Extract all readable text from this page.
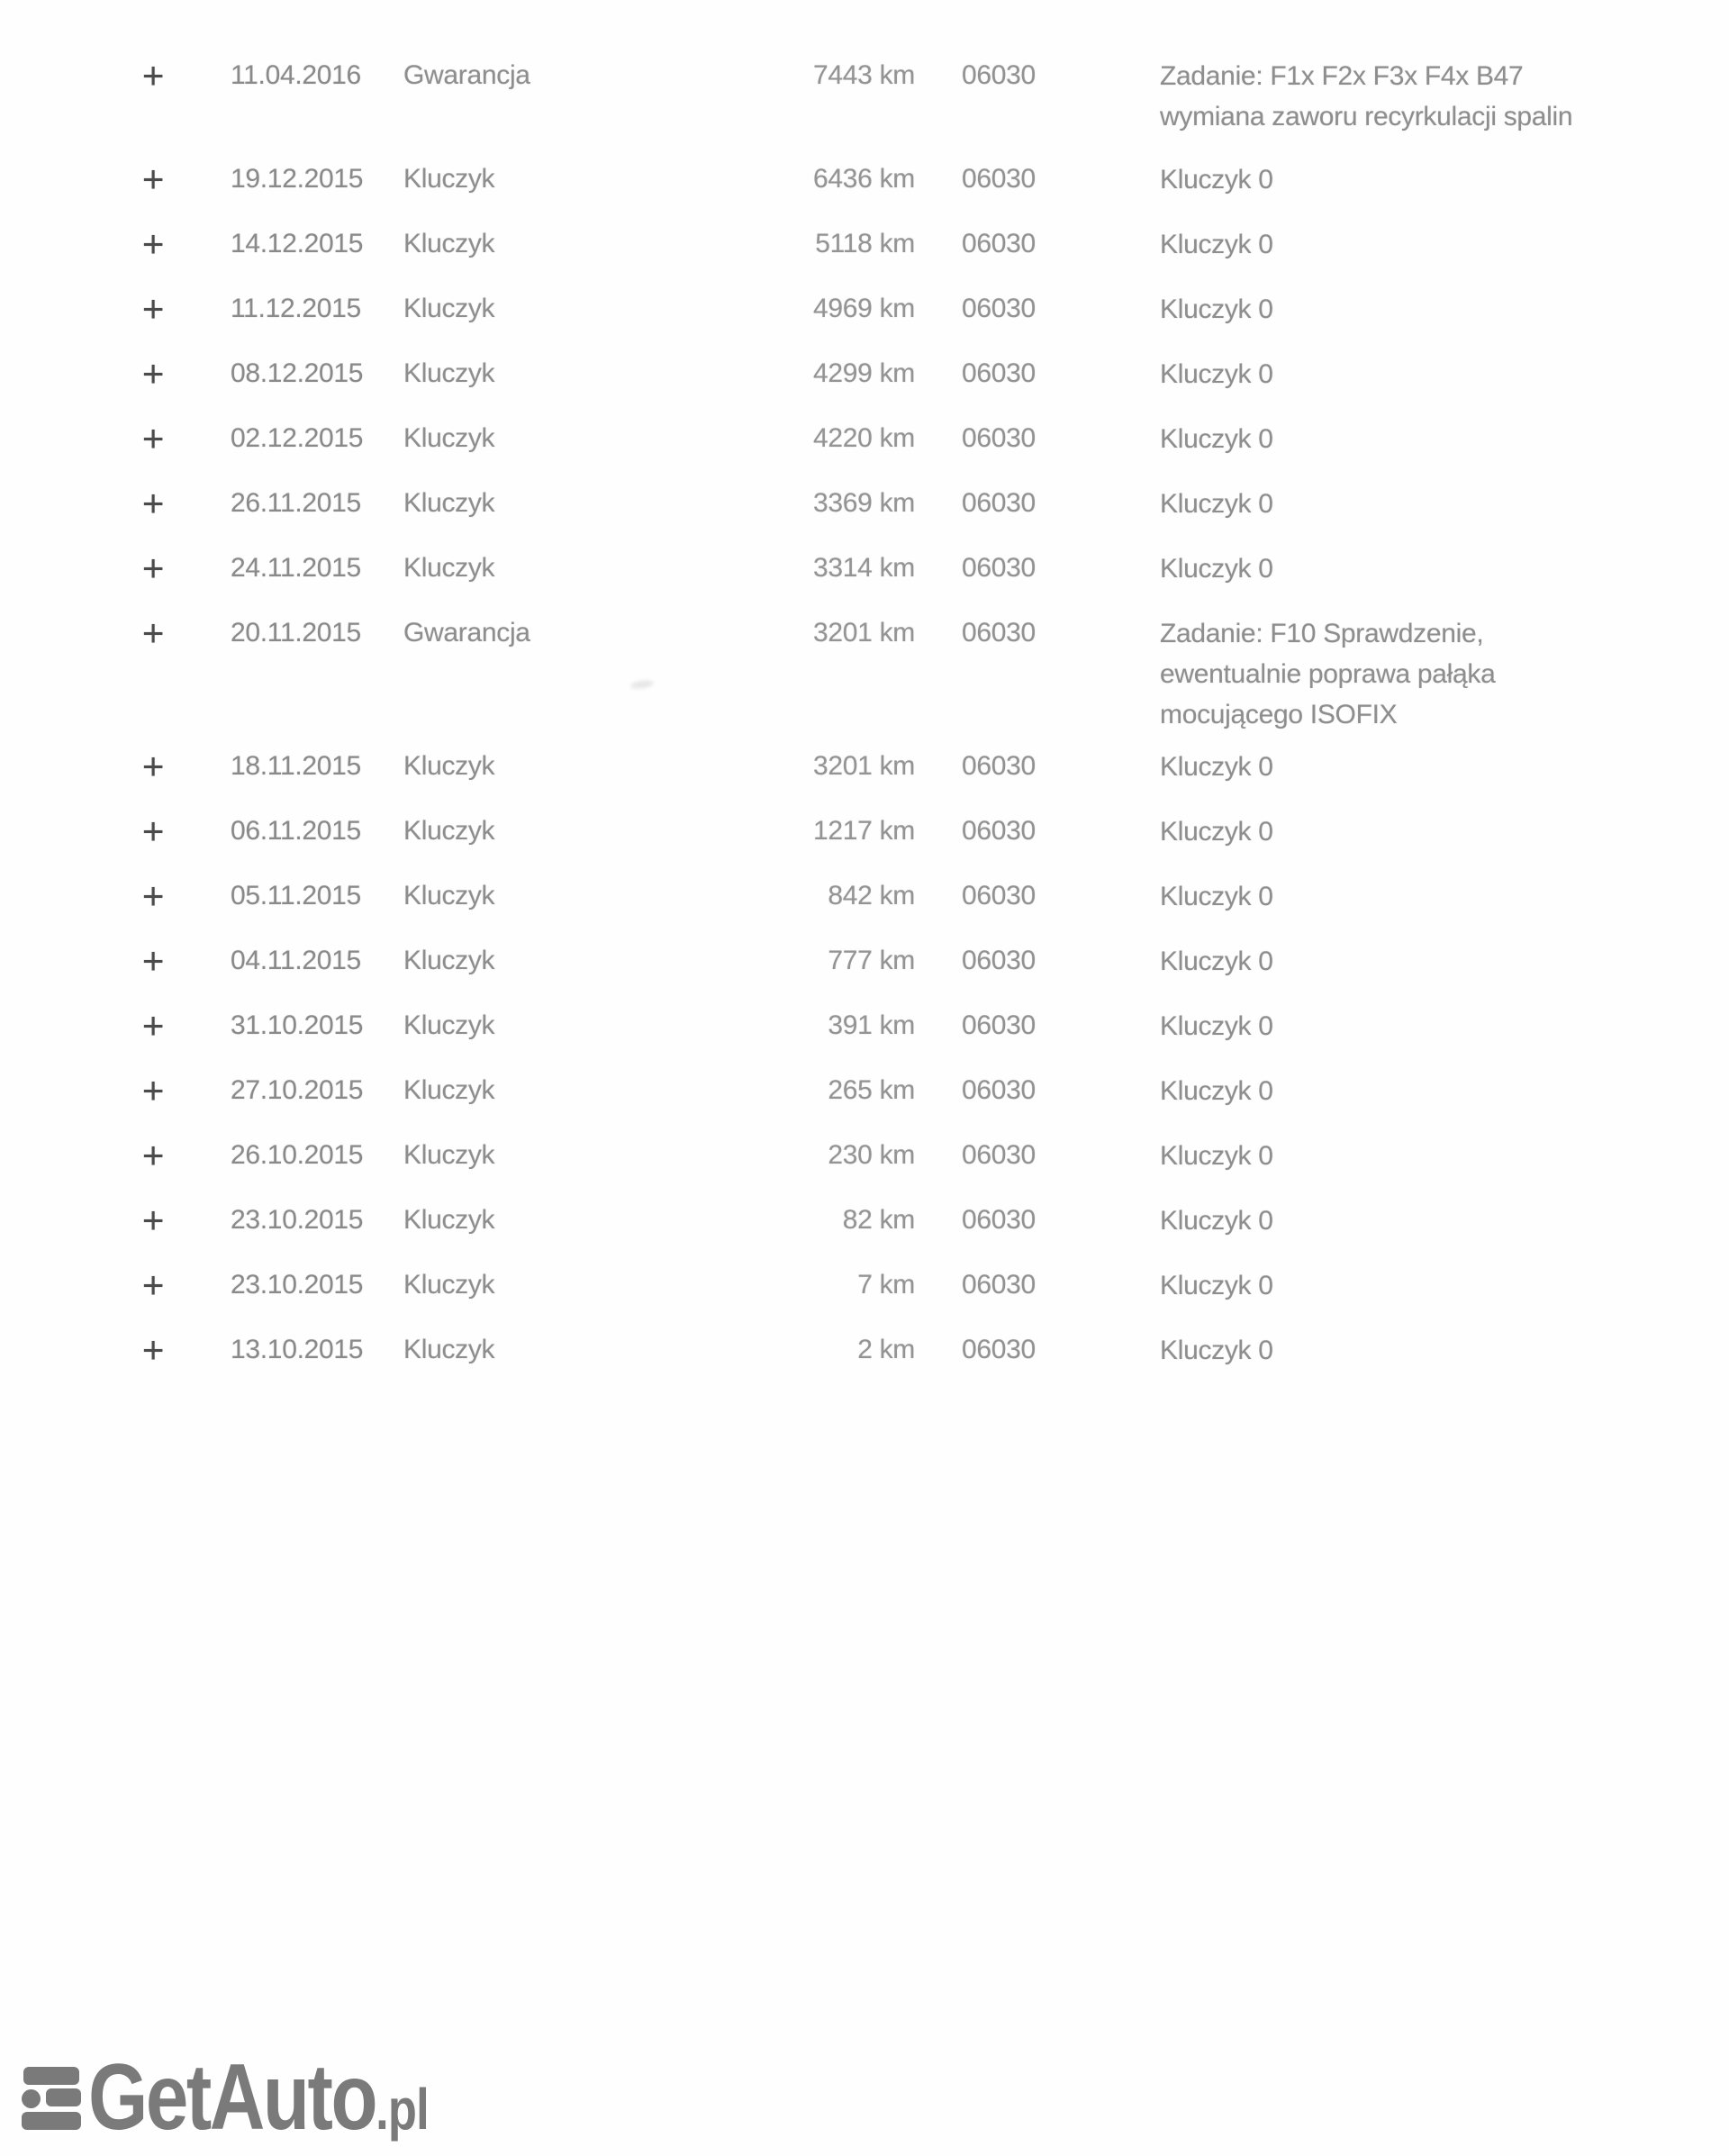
+	11.04.2016 Gwarancja	7443 km 06030	Zadanie: F1x F2x F3x F4x B47
wymiana zaworu recyrkulacji spalin
+	19.12.2015 Kluczyk	6436 km 06030	Kluczyk 0
+	14.12.2015 Kluczyk	5118 km 06030	Kluczyk 0
+	11.12.2015 Kluczyk	4969 km 06030	Kluczyk 0
+	08.12.2015 Kluczyk	4299 km 06030	Kluczyk 0
+	02.12.2015 Kluczyk	4220 km 06030	Kluczyk 0
+	26.11.2015 Kluczyk	3369 km 06030	Kluczyk 0
+	24.11.2015 Kluczyk	3314 km 06030	Kluczyk 0
+	20.11.2015 Gwarancja	3201 km 06030	Zadanie: F10 Sprawdzenie,
ewentualnie poprawa pałąka
mocującego ISOFIX
+	18.11.2015 Kluczyk	3201 km 06030	Kluczyk 0
+	06.11.2015 Kluczyk	1217 km 06030	Kluczyk 0
+	05.11.2015 Kluczyk	842 km 06030	Kluczyk 0
+	04.11.2015 Kluczyk	777 km 06030	Kluczyk 0
+	31.10.2015 Kluczyk	391 km 06030	Kluczyk 0
+	27.10.2015 Kluczyk	265 km 06030	Kluczyk 0
+	26.10.2015 Kluczyk	230 km 06030	Kluczyk 0
+	23.10.2015 Kluczyk	82 km 06030	Kluczyk 0
+	23.10.2015 Kluczyk	7 km 06030	Kluczyk 0
+	13.10.2015 Kluczyk	2 km 06030	Kluczyk 0
GetAuto.pl
